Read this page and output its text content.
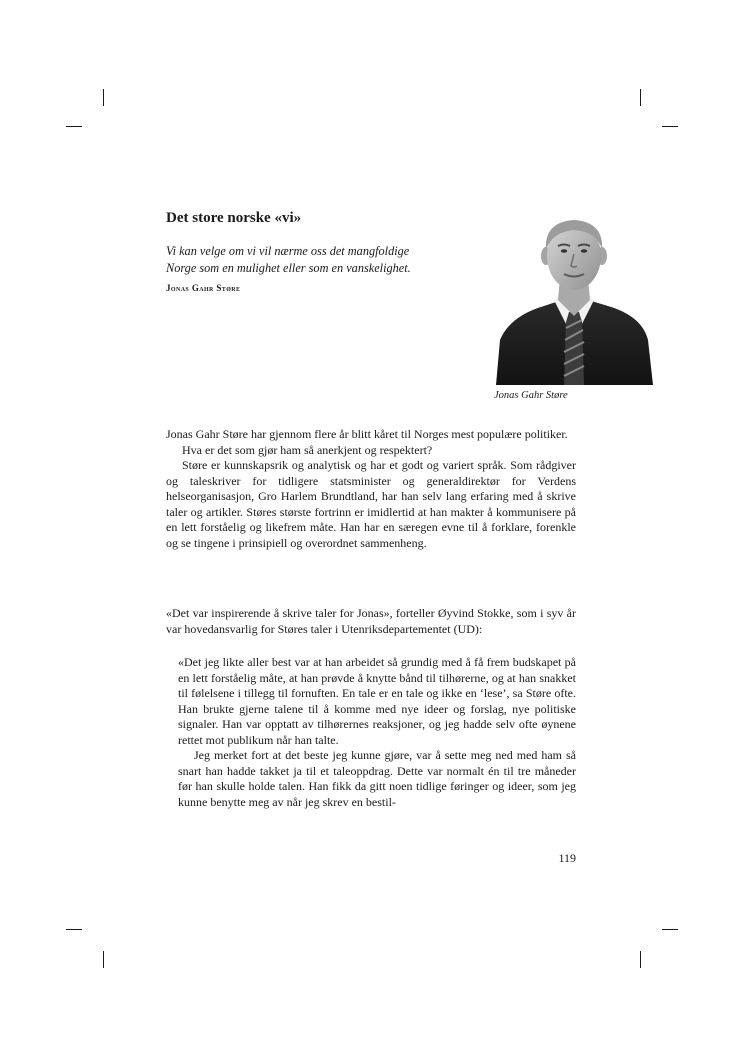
Det store norske «vi»
Vi kan velge om vi vil nærme oss det mangfoldige
Norge som en mulighet eller som en vanskelighet.
Jonas Gahr Støre
Jonas Gahr Støre

Jonas Gahr Støre har gjennom flere år blitt kåret til Norges mest populære politiker.

Hva er det som gjør ham så anerkjent og respektert?

Støre er kunnskapsrik og analytisk og har et godt og variert språk. Som rådgiver og taleskriver for tidligere statsminister og generaldirektør for Verdens helseorganisasjon, Gro Harlem Brundtland, har han selv lang erfaring med å skrive taler og artikler. Støres største fortrinn er imidlertid at han makter å kommunisere på en lett forståelig og likefrem måte. Han har en særegen evne til å forklare, forenkle og se tingene i prinsipiell og overordnet sammenheng.

«Det var inspirerende å skrive taler for Jonas», forteller Øyvind Stokke, som i syv år var hovedansvarlig for Støres taler i Utenriksdepartementet (UD):

«Det jeg likte aller best var at han arbeidet så grundig med å få frem budskapet på en lett forståelig måte, at han prøvde å knytte bånd til tilhørerne, og at han snakket til følelsene i tillegg til fornuften. En tale er en tale og ikke en ‘lese’, sa Støre ofte. Han brukte gjerne talene til å komme med nye ideer og forslag, nye politiske signaler. Han var opptatt av tilhørernes reaksjoner, og jeg hadde selv ofte øynene rettet mot publikum når han talte.

Jeg merket fort at det beste jeg kunne gjøre, var å sette meg ned med ham så snart han hadde takket ja til et taleoppdrag. Dette var normalt én til tre måneder før han skulle holde talen. Han fikk da gitt noen tidlige føringer og ideer, som jeg kunne benytte meg av når jeg skrev en bestil-

119
